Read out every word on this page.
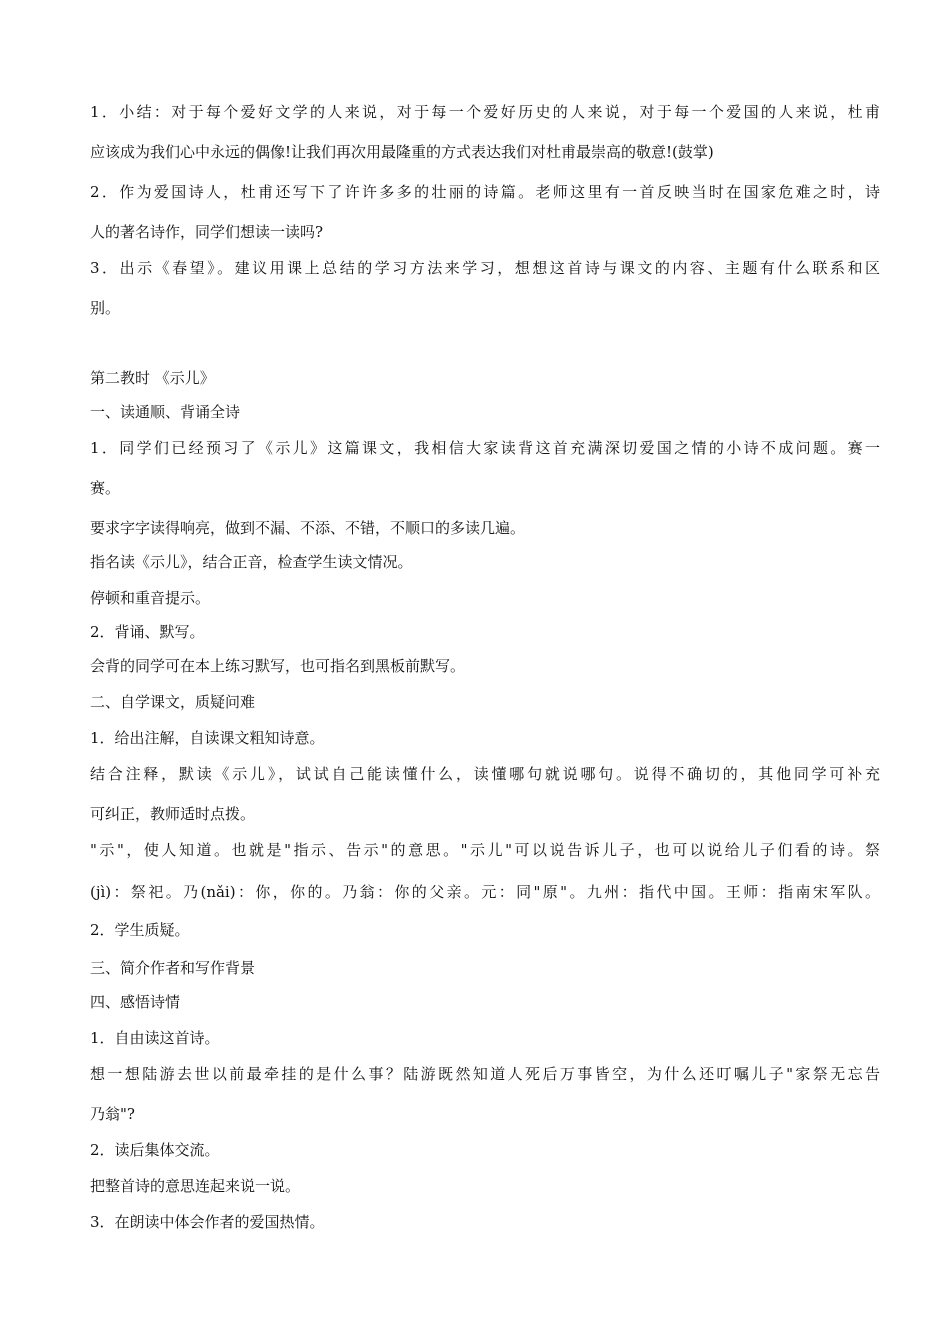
1．小结：对于每个爱好文学的人来说，对于每一个爱好历史的人来说，对于每一个爱国的人来说，杜甫
应该成为我们心中永远的偶像!让我们再次用最隆重的方式表达我们对杜甫最崇高的敬意!(鼓掌)
2．作为爱国诗人，杜甫还写下了许许多多的壮丽的诗篇。老师这里有一首反映当时在国家危难之时，诗
人的著名诗作，同学们想读一读吗?
3．出示《春望》。建议用课上总结的学习方法来学习，想想这首诗与课文的内容、主题有什么联系和区
别。
第二教时 《示儿》
一、读通顺、背诵全诗
1．同学们已经预习了《示儿》这篇课文，我相信大家读背这首充满深切爱国之情的小诗不成问题。赛一
赛。
要求字字读得响亮，做到不漏、不添、不错，不顺口的多读几遍。
指名读《示儿》，结合正音，检查学生读文情况。
停顿和重音提示。
2．背诵、默写。
会背的同学可在本上练习默写，也可指名到黑板前默写。
二、自学课文，质疑问难
1．给出注解，自读课文粗知诗意。
结合注释，默读《示儿》，试试自己能读懂什么，读懂哪句就说哪句。说得不确切的，其他同学可补充
可纠正，教师适时点拨。
"示"，使人知道。也就是"指示、告示"的意思。"示儿"可以说告诉儿子，也可以说给儿子们看的诗。祭
(jì)：祭祀。乃(nǎi)：你，你的。乃翁：你的父亲。元：同"原"。九州：指代中国。王师：指南宋军队。
2．学生质疑。
三、简介作者和写作背景
四、感悟诗情
1．自由读这首诗。
想一想陆游去世以前最牵挂的是什么事？陆游既然知道人死后万事皆空，为什么还叮嘱儿子"家祭无忘告
乃翁"?
2．读后集体交流。
把整首诗的意思连起来说一说。
3．在朗读中体会作者的爱国热情。
